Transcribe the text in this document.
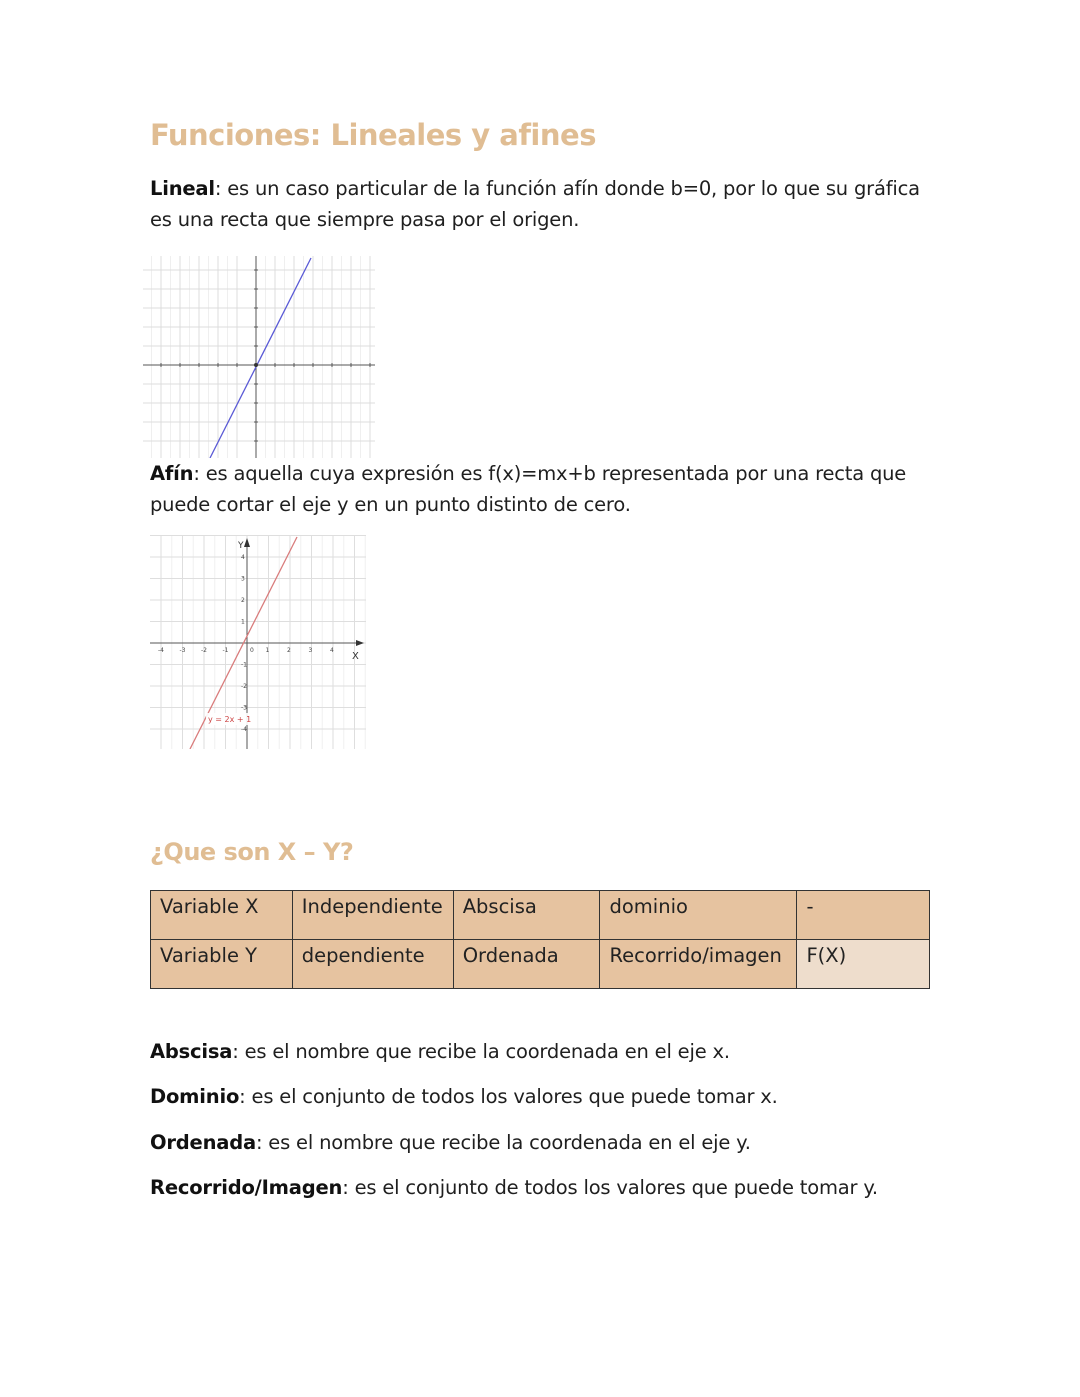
Funciones: Lineales y afines

Lineal: es un caso particular de la función afín donde b=0, por lo que su gráfica es una recta que siempre pasa por el origen.

Afín: es aquella cuya expresión es f(x)=mx+b representada por una recta que puede cortar el eje y en un punto distinto de cero.

Y
X
-4	-3	-2	-1	0 1	2	3	4
4
3
2
1
-1
-2
-3
-4
y = 2x + 1
¿Que son X – Y?
Variable X	Independiente	Abscisa	dominio	-
Variable Y	dependiente	Ordenada	Recorrido/imagen	F(X)

Abscisa: es el nombre que recibe la coordenada en el eje x.

Dominio: es el conjunto de todos los valores que puede tomar x.

Ordenada: es el nombre que recibe la coordenada en el eje y.

Recorrido/Imagen: es el conjunto de todos los valores que puede tomar y.
